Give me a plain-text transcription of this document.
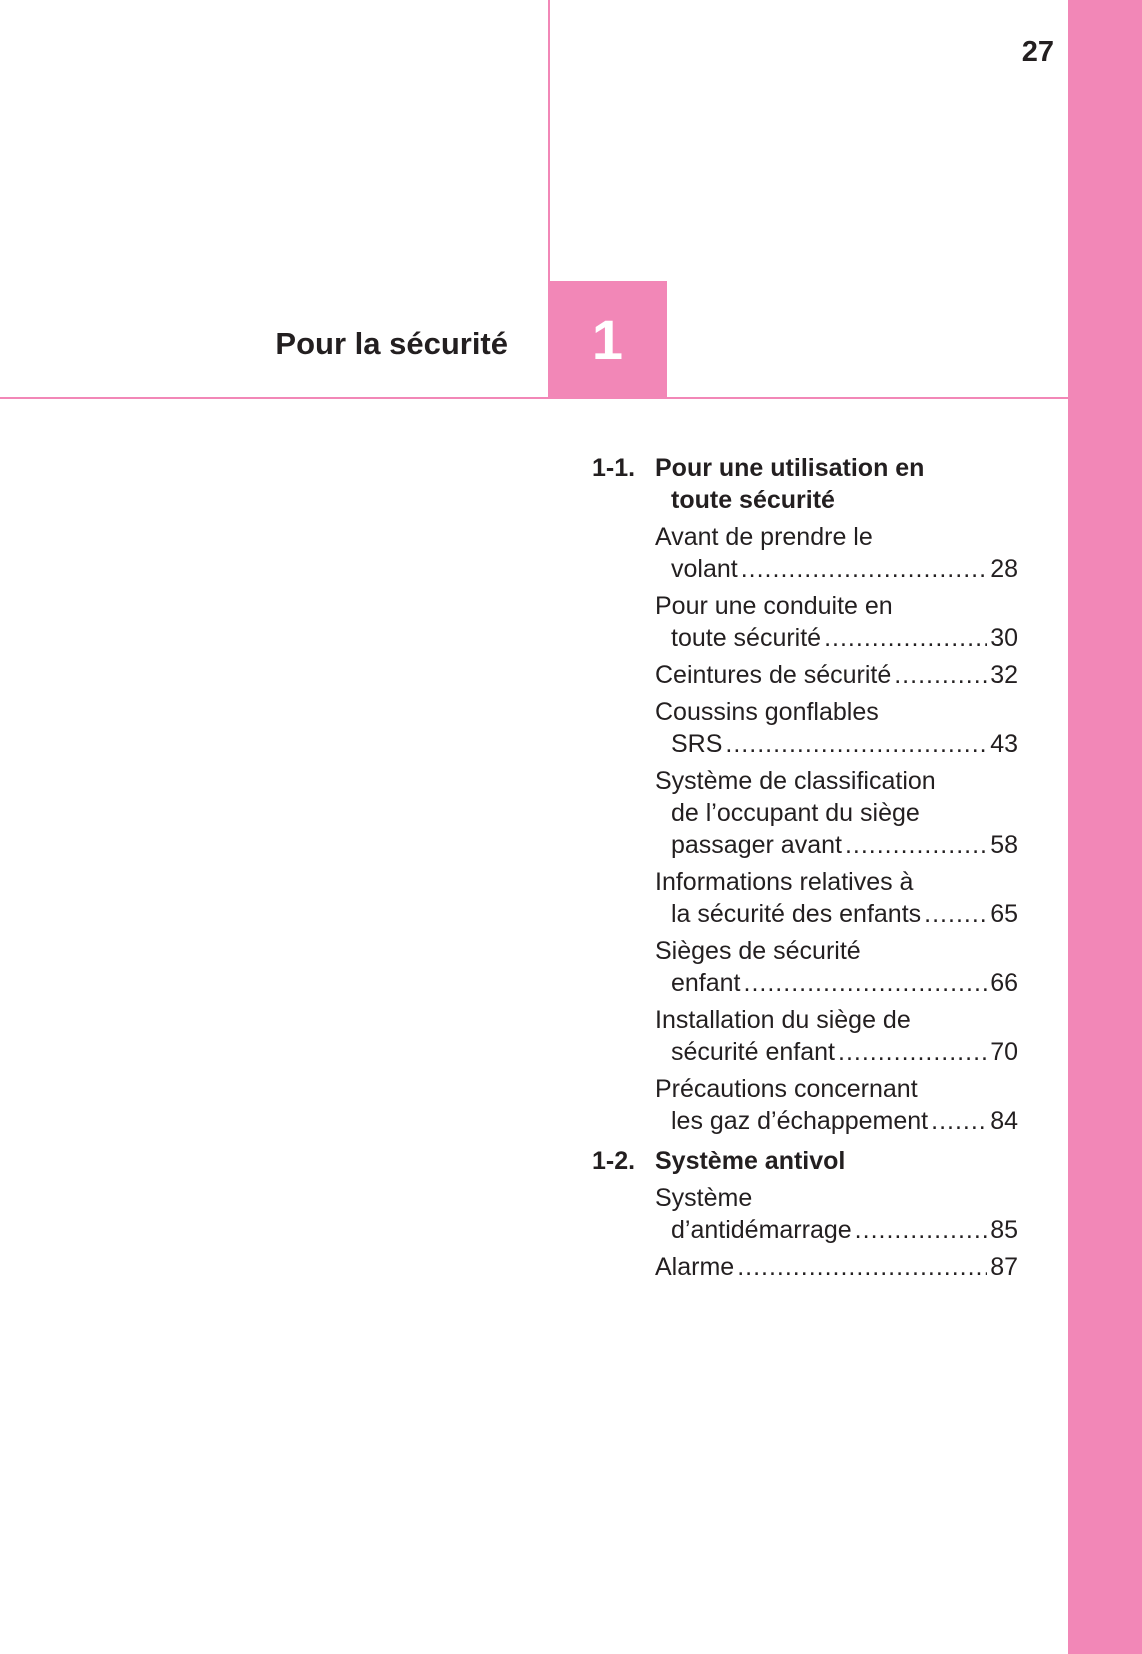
27
Pour la sécurité 1
1-1. Pour une utilisation en
toute sécurité
Avant de prendre le
volant .....	28
Pour une conduite en
toute sécurité .....	30
Ceintures de sécurité .....	32
Coussins gonflables
SRS .....	43
Système de classification
de l’occupant du siège
passager avant .....	58
Informations relatives à
la sécurité des enfants .....	65
Sièges de sécurité
enfant .....	66
Installation du siège de
sécurité enfant .....	70
Précautions concernant
les gaz d’échappement ..... 84
1-2. Système antivol
Système
d’antidémarrage .....	85
Alarme .....	87
